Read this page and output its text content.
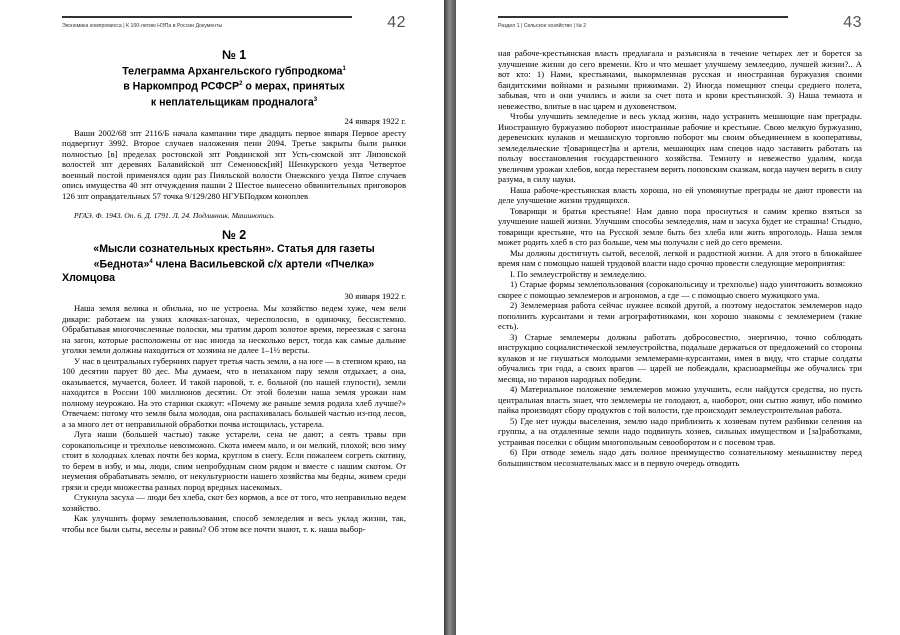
Экономика компромисса | К 100-летию НЭПа в России Документы	42
№ 1
Телеграмма Архангельского губпродкома$^1$
в Наркомпрод РСФСР$^2$ о мерах, принятых
к неплательщикам продналога$^3$
24 января 1922 г.

Ваши 2002/68 зпт 2116/Б начала кампании тире двадцать первое января Первое аресту подвергнут 3992. Второе случаев наложения пени 2094. Третье закрыты были рынки полностью [в] пределах ростовской зпт Ровдинской зпт Усть-сюмской зпт Липовской волостей зпт деревнях Балавийской зпт Семеновск[ий] Шенкурского уезда Четвертое военный постой применялся один раз Пияльской волости Онежского уезда Пятое случаев опись имущества 40 зпт отчуждения пашни 2 Шестое вынесено обвинительных приговоров 126 зпт оправдательных 57 точка 9/129/280 НГУБПодком коноплев

РГАЭ. Ф. 1943. Оп. 6. Д. 1791. Л. 24. Подлинник. Машинопись.
№ 2
«Мысли сознательных крестьян». Статья для газеты
«Беднота»$^4$ члена Васильевской с/х артели «Пчелка»

Хломцова
30 января 1922 г.

Наша земля велика и обильна, но не устроена. Мы хозяйство ведем хуже, чем вели дикари: работаем на узких клочках-загонах, чересполосно, в одиночку, бессистемно. Обрабатывая многочисленные полоски, мы тратим дарom золотое время, переезжая с загона на загон, которые расположены от нас иногда за несколько верст, тогда как самые дальние уголки земли должны находиться от хозяина не далее 1–1½ версты.

У нас в центральных губерниях парует третья часть земли, а на юге — в степном краю, на 100 десятин парует 80 дес. Мы думаем, что в непаханом пару земля отдыхает, а она, оказывается, мучается, болеет. И такой паровой, т. е. больной (по нашей глупости), земли находится в России 100 миллионов десятин. От этой болезни наша земля урожаи нам полному неурожаю. На это старики скажут: «Почему же раньше земля родила хлеб лучше?» Отвечаем: потому что земля была молодая, она распахивалась большей частью из-под лесов, а за много лет от неправильной обработки почва истощилась, устарела.

Луга наши (большей частью) также устарели, сена не дают; а сеять травы при сорокапольсице и трехполье невозможно. Скота имеем мало, и он мелкий, плохой; всю зиму стоит в холодных хлевах почти без корма, круглом в снегу. Если пожалеем согреть скотину, то берем в избу, и мы, люди, спим непробудным сном рядом и вместе с нашим скотом. От неумения обрабатывать землю, от некультурности нашего хозяйства мы бедны, живем среди грязи и среди множества разных пород вредных насекомых.

Стукнула засуха — люди без хлеба, скот без кормов, а все от того, что неправильно ведем хозяйство.

Как улучшить форму землепользования, способ земледелия и весь уклад жизни, так, чтобы все были сыты, веселы и равны? Об этом все почти знают, т. к. наша выбор-

Раздел 1 | Сельское хозяйство | № 2	43

ная рабоче-крестьянская власть предлагала и разъясняла в течение четырех лет и борется за улучшение жизни до сего времени. Кто и что мешает улучшему землеедию, лучшей жизни?.. А вот кто: 1) Нами, крестьянами, выкормленная русская и иностранная буржуазия своими бандитскими войнами и разными прижимами. 2) Иногда помещиют спецы среднего полета, забывая, что и они учились и жили за счет пота и крови крестьянской. 3) Наша темнота и невежество, влитые в нас царем и духовенством.

Чтобы улучшить земледелие и весь уклад жизни, надо устранить мешающие нам преграды. Иностранную буржуазию поборют иностранные рабочие и крестьяне. Свою мелкую буржуазию, деревенских кулаков и мешанскую торговлю поборот мы своим объединением в кооперативы, земледельческие т[оварищест]ва и артели, мешающих нам спецов надо заставить работать на пользу восстановления государственного хозяйства. Темноту и невежество удалим, когда увеличим урожаи хлебов, когда перестанем верить поповским сказкам, когда научен верить в силу разума, в силу науки.

Наша рабоче-крестьянская власть хороша, но ей упомянутые преграды не дают провести на деле улучшение жизни трудящихся.

Товарищи и братья крестьяне! Нам давно пора проснуться и самим крепко взяться за улучшение нашей жизни. Улучшим способы земледелия, нам и засуха будет не страшна! Стыдно, товарищи крестьяне, что на Русской земле быть без хлеба или жить впроголодь. Наша земля может родить хлеб в сто раз больше, чем мы получали с ней до сего времени.

Мы должны достигнуть сытой, веселой, легкой и радостной жизни. А для этого в ближайшее время нам с помощью нашей трудовой власти надо срочно провести следующие мероприятия:

I. По землеустройству и земледелию.

1) Старые формы землепользования (сорокапольсицу и трехполье) надо уничтожить возможно скорее с помощью землемеров и агрономов, а где — с помощью своего мужицкого ума.

2) Землемерная работа сейчас нужнее всякой другой, а поэтому недостаток землемеров надо пополнить курсантами и теми агрографотниками, кон хорошо знакомы с землемерием (такие есть).

3) Старые землемеры должны работать добросовестно, энергично, точно соблюдать инструкцию социалистической землеустройства, подальше держаться от предложений со стороны кулаков и не гнушаться молодыми землемерами-курсантами, имея в виду, что старые солдаты обучались три года, а своих врагов — царей не побеждали, красноармейцы же обучались три месяца, но тиранов народных победим.

4) Материальное положение землемеров можно улучшить, если найдутся средства, но пусть центральная власть знает, что землемеры не голодают, а, наоборот, они сытно живут, ибо помимо пайка производят сбору продуктов с той волости, где происходит землеустроительная работа.

5) Где нет нужды выселения, землю надо приблизить к хозяевам путем разбивки селения на группы, а на отдаленные земли надо подвинуть хозяев, сильных имуществом и [за]работками, устраивая поселки с общим многопольным севооборотом и с посевом трав.

6) При отводе земель надо дать полное преимущество сознательному меньшинству перед большинством несознательных масс и в первую очередь отводить
